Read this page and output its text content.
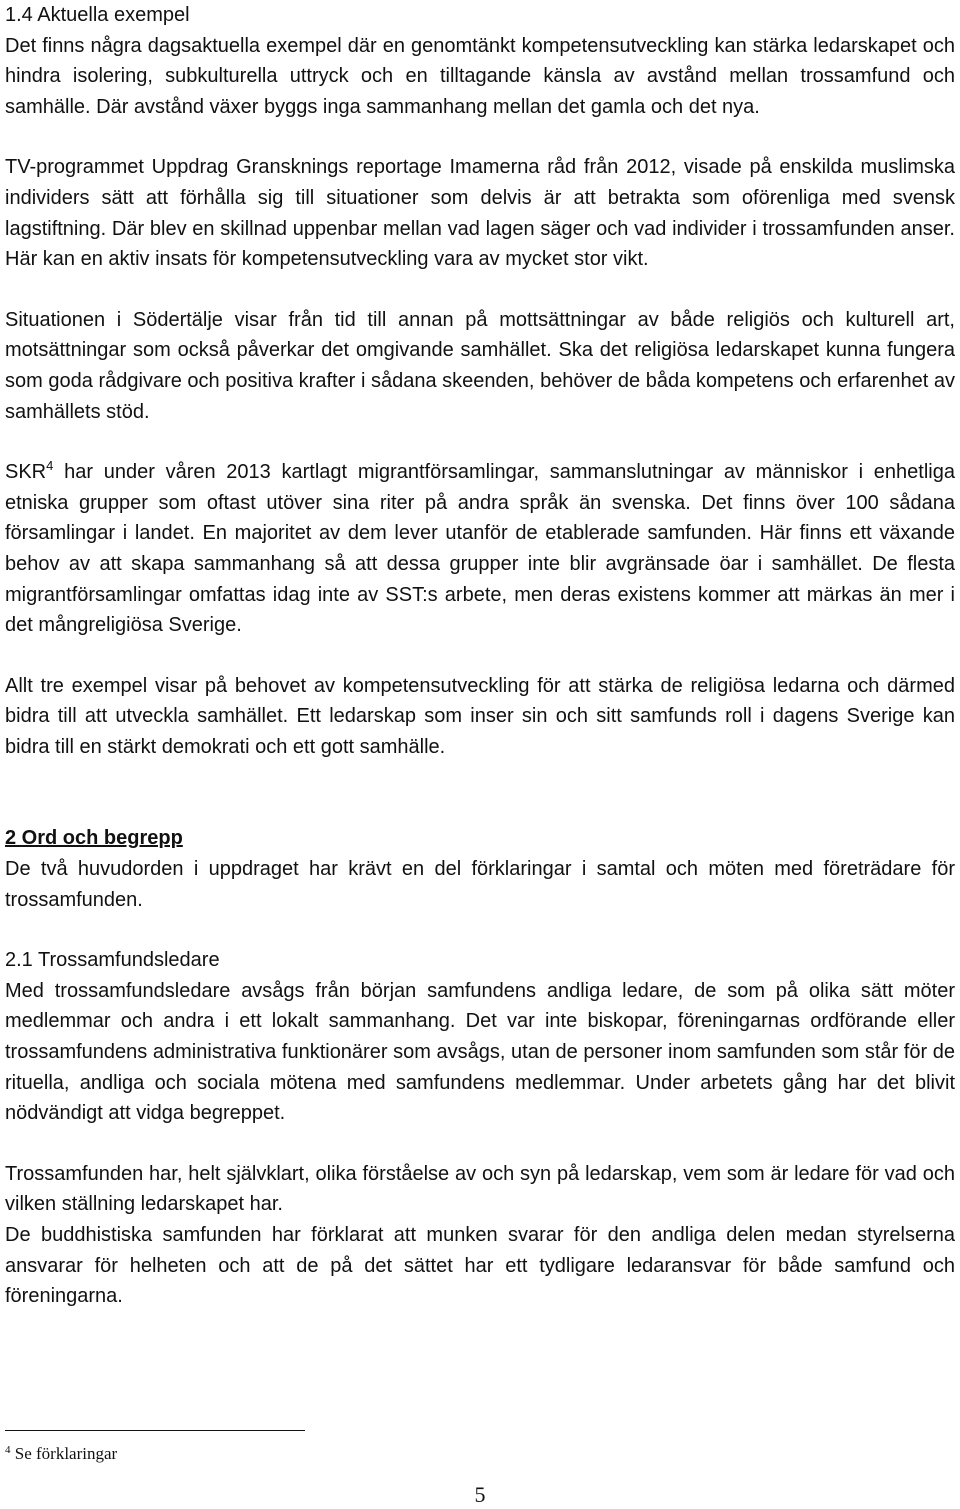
1.4 Aktuella exempel

Det finns några dagsaktuella exempel där en genomtänkt kompetensutveckling kan stärka ledarskapet och hindra isolering, subkulturella uttryck och en tilltagande känsla av avstånd mellan trossamfund och samhälle. Där avstånd växer byggs inga sammanhang mellan det gamla och det nya.

TV-programmet Uppdrag Gransknings reportage Imamerna råd från 2012, visade på enskilda muslimska individers sätt att förhålla sig till situationer som delvis är att betrakta som oförenliga med svensk lagstiftning. Där blev en skillnad uppenbar mellan vad lagen säger och vad individer i trossamfunden anser. Här kan en aktiv insats för kompetensutveckling vara av mycket stor vikt.

Situationen i Södertälje visar från tid till annan på mottsättningar av både religiös och kulturell art, motsättningar som också påverkar det omgivande samhället. Ska det religiösa ledarskapet kunna fungera som goda rådgivare och positiva krafter i sådana skeenden, behöver de båda kompetens och erfarenhet av samhällets stöd.

SKR$^4$ har under våren 2013 kartlagt migrantförsamlingar, sammanslutningar av människor i enhetliga etniska grupper som oftast utöver sina riter på andra språk än svenska. Det finns över 100 sådana församlingar i landet. En majoritet av dem lever utanför de etablerade samfunden. Här finns ett växande behov av att skapa sammanhang så att dessa grupper inte blir avgränsade öar i samhället. De flesta migrantförsamlingar omfattas idag inte av SST:s arbete, men deras existens kommer att märkas än mer i det mångreligiösa Sverige.

Allt tre exempel visar på behovet av kompetensutveckling för att stärka de religiösa ledarna och därmed bidra till att utveckla samhället. Ett ledarskap som inser sin och sitt samfunds roll i dagens Sverige kan bidra till en stärkt demokrati och ett gott samhälle.

2 Ord och begrepp

De två huvudorden i uppdraget har krävt en del förklaringar i samtal och möten med företrädare för trossamfunden.

2.1 Trossamfundsledare

Med trossamfundsledare avsågs från början samfundens andliga ledare, de som på olika sätt möter medlemmar och andra i ett lokalt sammanhang. Det var inte biskopar, föreningarnas ordförande eller trossamfundens administrativa funktionärer som avsågs, utan de personer inom samfunden som står för de rituella, andliga och sociala mötena med samfundens medlemmar. Under arbetets gång har det blivit nödvändigt att vidga begreppet.

Trossamfunden har, helt självklart, olika förståelse av och syn på ledarskap, vem som är ledare för vad och vilken ställning ledarskapet har.

De buddhistiska samfunden har förklarat att munken svarar för den andliga delen medan styrelserna ansvarar för helheten och att de på det sättet har ett tydligare ledaransvar för både samfund och föreningarna.

$^4$ Se förklaringar
5
